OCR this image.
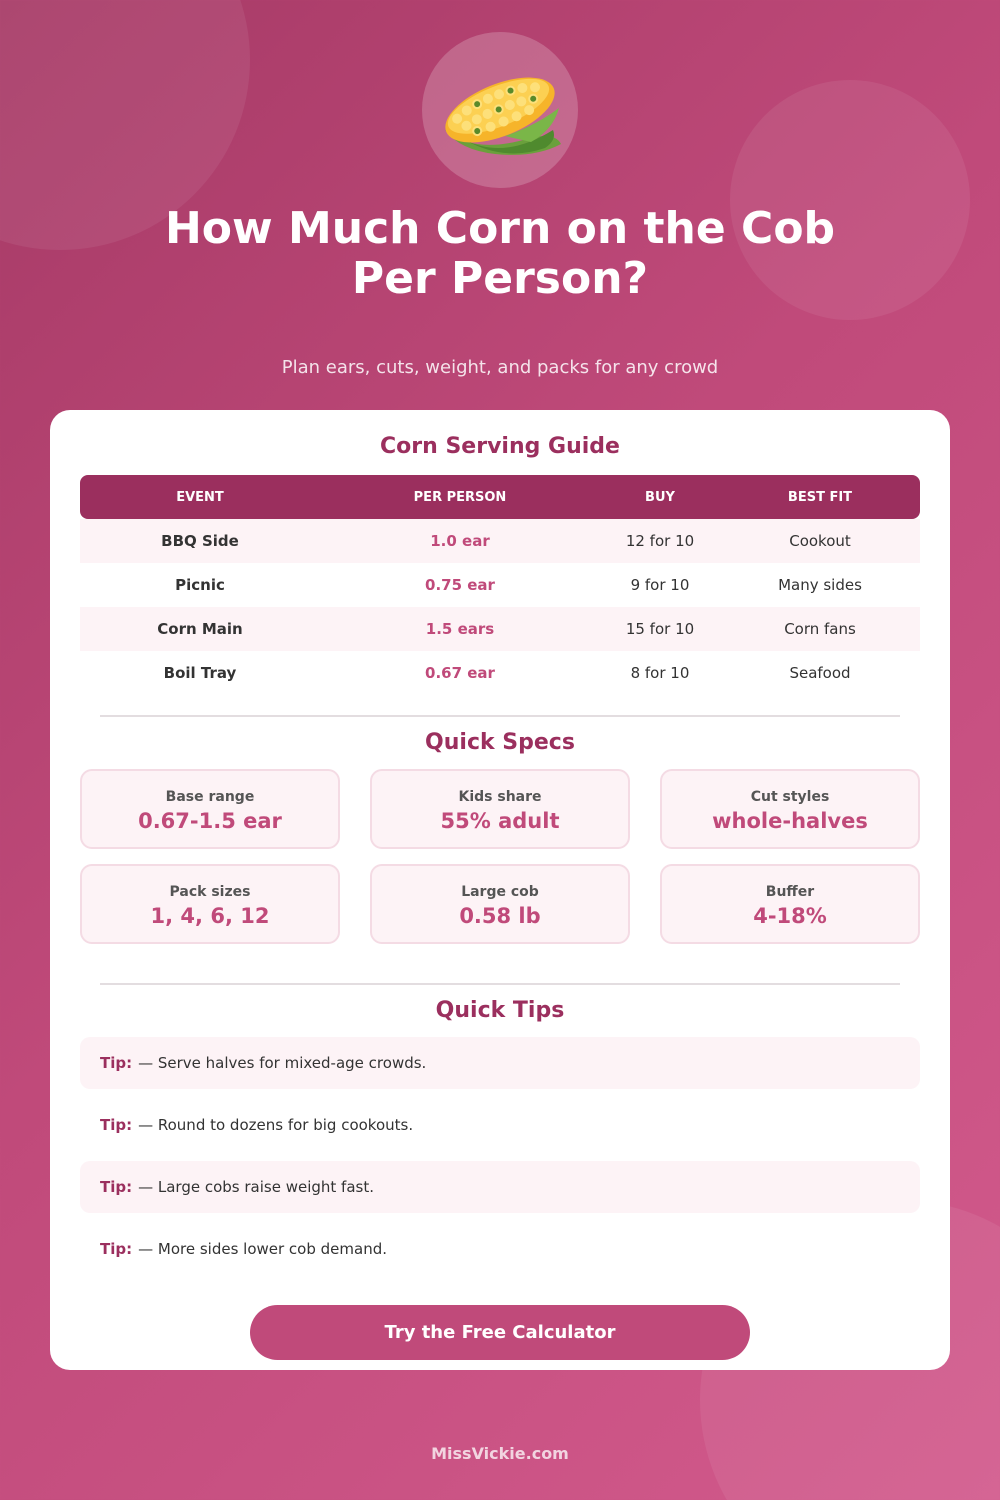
How Much Corn on the Cob
Per Person?
Plan ears, cuts, weight, and packs for any crowd
Corn Serving Guide
EVENT	PER PERSON	BUY	BEST FIT
BBQ Side	1.0 ear	12 for 10	Cookout
Picnic	0.75 ear	9 for 10	Many sides
Corn Main	1.5 ears	15 for 10	Corn fans
Boil Tray	0.67 ear	8 for 10	Seafood
Quick Specs
Base range
0.67-1.5 ear
Kids share
55% adult
Cut styles
whole-halves
Pack sizes
1, 4, 6, 12
Large cob
0.58 lb
Buffer
4-18%
Quick Tips
Tip: — Serve halves for mixed-age crowds.
Tip: — Round to dozens for big cookouts.
Tip: — Large cobs raise weight fast.
Tip: — More sides lower cob demand.
Try the Free Calculator
MissVickie.com
